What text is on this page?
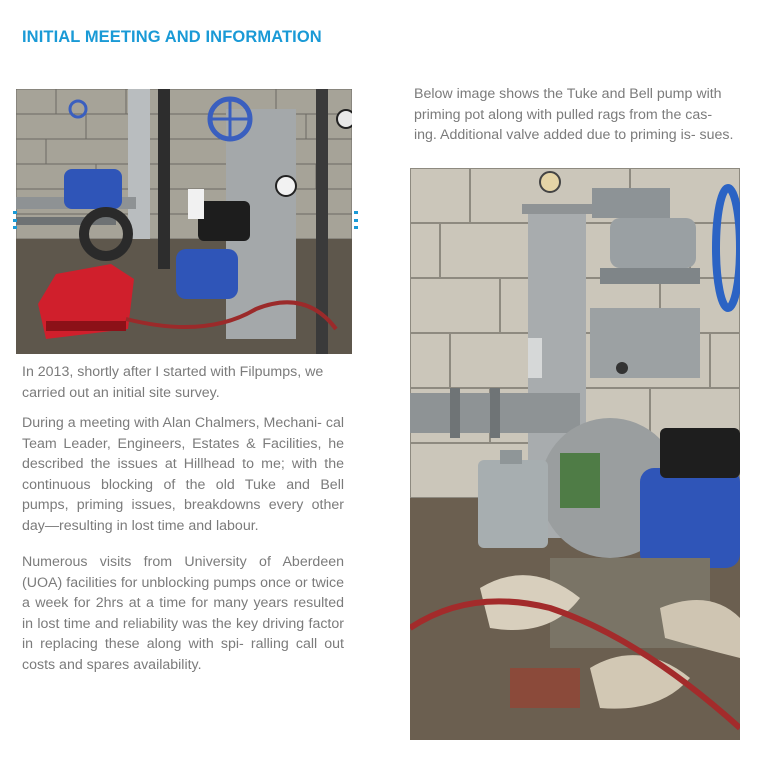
INITIAL MEETING AND INFORMATION

Below image shows the Tuke and Bell pump with priming pot along with pulled rags from the cas- ing. Additional valve added due to priming is- sues.

In 2013, shortly after I started with Filpumps, we carried out an initial site survey.

During a meeting with Alan Chalmers, Mechani- cal Team Leader, Engineers, Estates & Facilities, he described the issues at Hillhead to me; with the continuous blocking of the old Tuke and Bell pumps, priming issues, breakdowns every other day—resulting in lost time and labour.

Numerous visits from University of Aberdeen (UOA) facilities for unblocking pumps once or twice a week for 2hrs at a time for many years resulted in lost time and reliability was the key driving factor in replacing these along with spi- ralling call out costs and spares availability.
